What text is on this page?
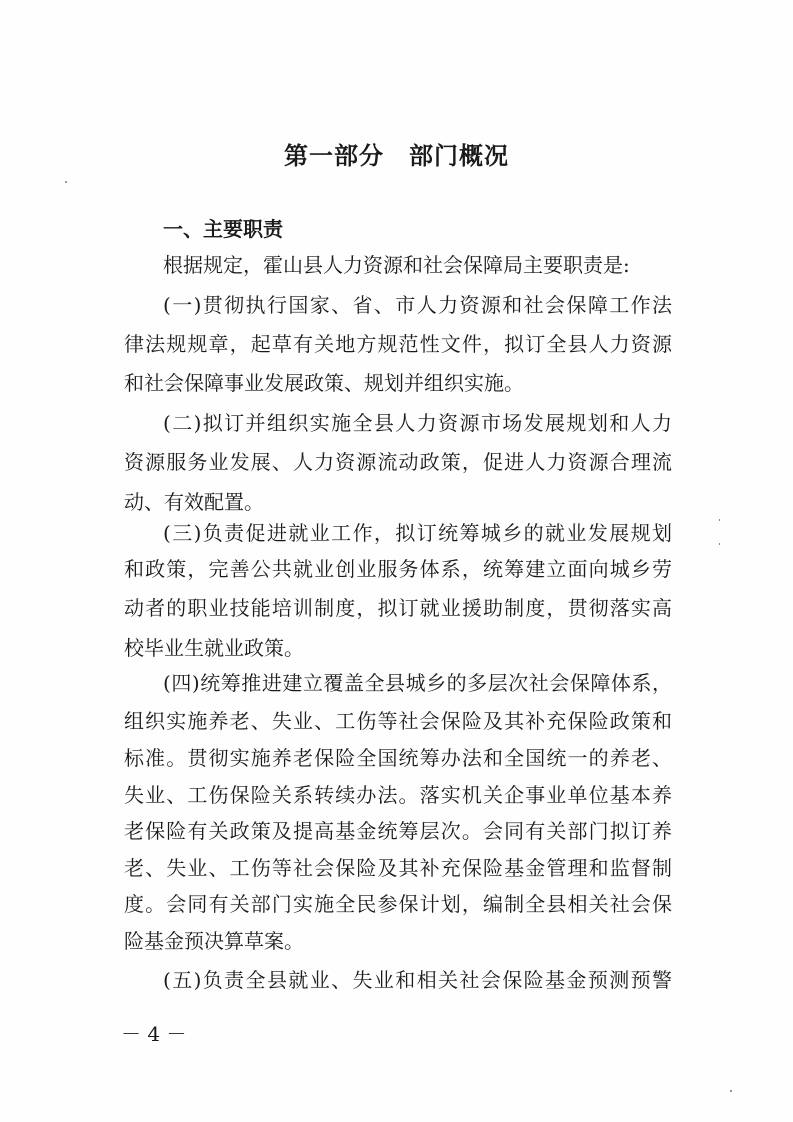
第一部分　部门概况
一、主要职责
根据规定，霍山县人力资源和社会保障局主要职责是:
(一)贯彻执行国家、省、市人力资源和社会保障工作法
律法规规章，起草有关地方规范性文件，拟订全县人力资源
和社会保障事业发展政策、规划并组织实施。
(二)拟订并组织实施全县人力资源市场发展规划和人力
资源服务业发展、人力资源流动政策，促进人力资源合理流
动、有效配置。
(三)负责促进就业工作，拟订统筹城乡的就业发展规划
和政策，完善公共就业创业服务体系，统筹建立面向城乡劳
动者的职业技能培训制度，拟订就业援助制度，贯彻落实高
校毕业生就业政策。
(四)统筹推进建立覆盖全县城乡的多层次社会保障体系，
组织实施养老、失业、工伤等社会保险及其补充保险政策和
标准。贯彻实施养老保险全国统筹办法和全国统一的养老、
失业、工伤保险关系转续办法。落实机关企事业单位基本养
老保险有关政策及提高基金统筹层次。会同有关部门拟订养
老、失业、工伤等社会保险及其补充保险基金管理和监督制
度。会同有关部门实施全民参保计划，编制全县相关社会保
险基金预决算草案。
(五)负责全县就业、失业和相关社会保险基金预测预警
－ 4 －
